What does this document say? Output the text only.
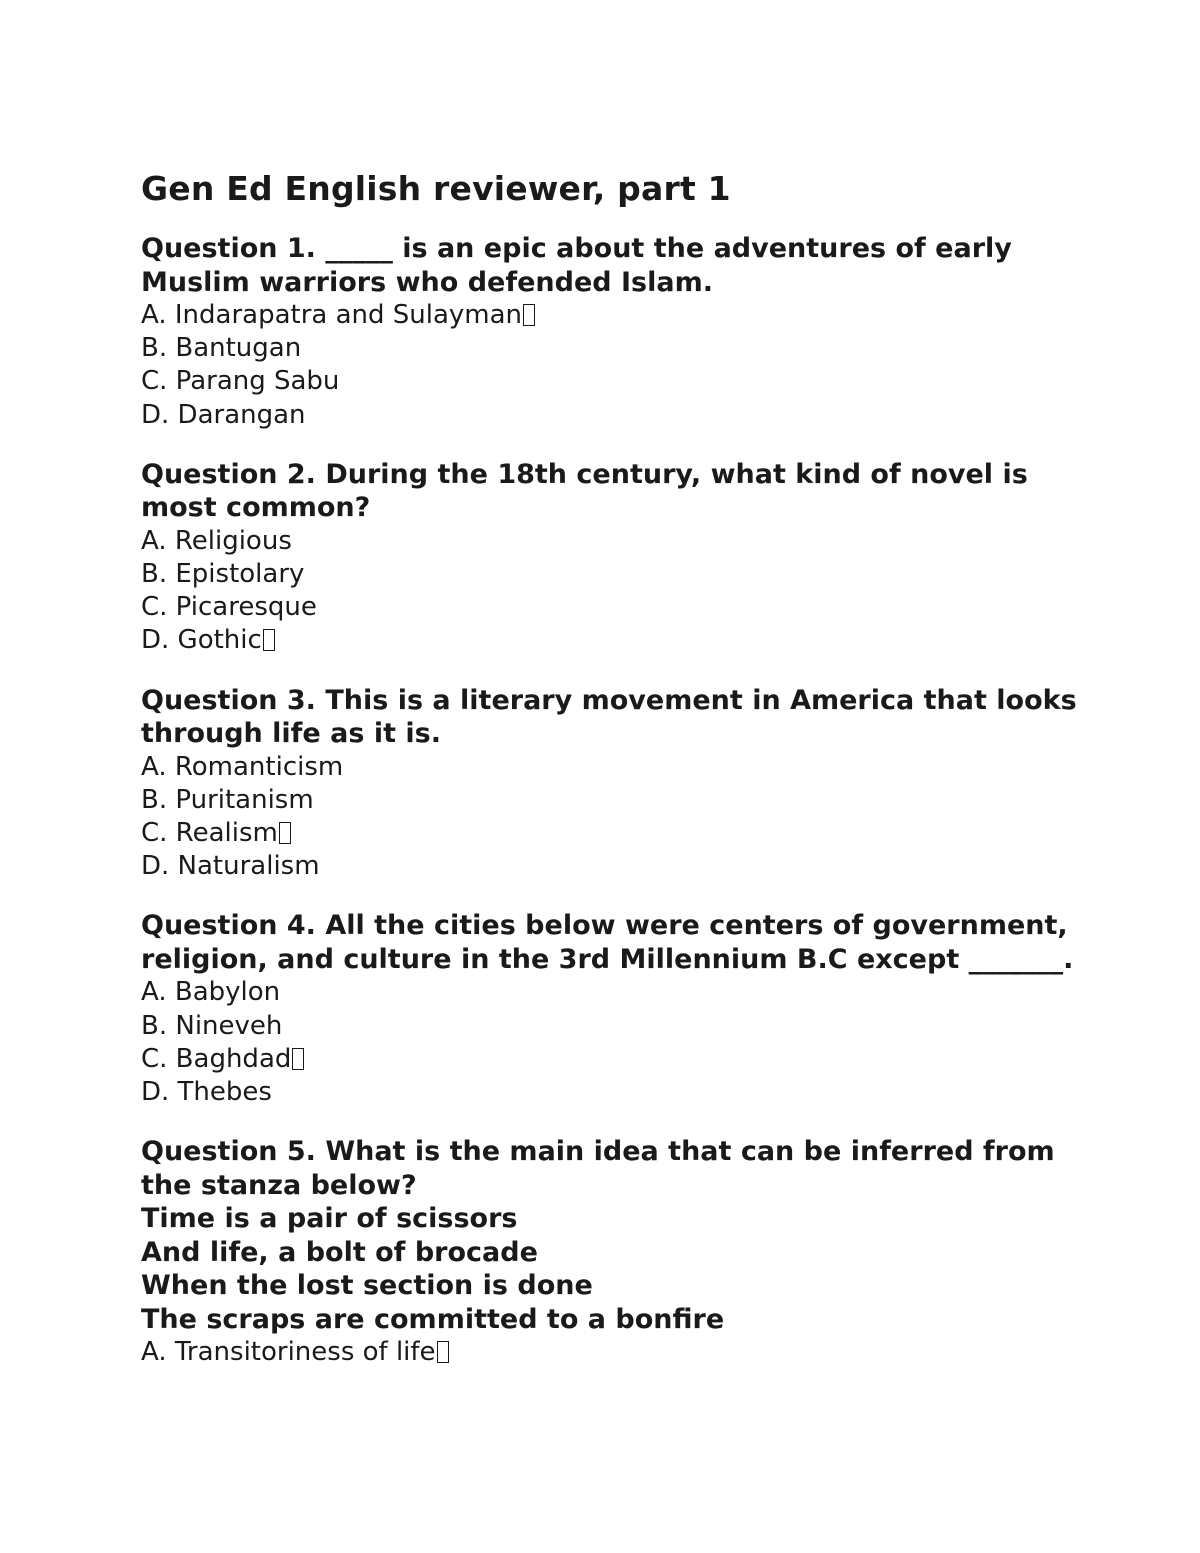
Gen Ed English reviewer, part 1

Question 1. _____ is an epic about the adventures of early Muslim warriors who defended Islam.

A. Indarapatra and Sulayman

B. Bantugan

C. Parang Sabu

D. Darangan

Question 2. During the 18th century, what kind of novel is most common?

A. Religious

B. Epistolary

C. Picaresque

D. Gothic

Question 3. This is a literary movement in America that looks through life as it is.

A. Romanticism

B. Puritanism

C. Realism

D. Naturalism

Question 4. All the cities below were centers of government, religion, and culture in the 3rd Millennium B.C except _______.

A. Babylon

B. Nineveh

C. Baghdad

D. Thebes

Question 5. What is the main idea that can be inferred from the stanza below?

Time is a pair of scissors

And life, a bolt of brocade

When the lost section is done

The scraps are committed to a bonfire

A. Transitoriness of life
